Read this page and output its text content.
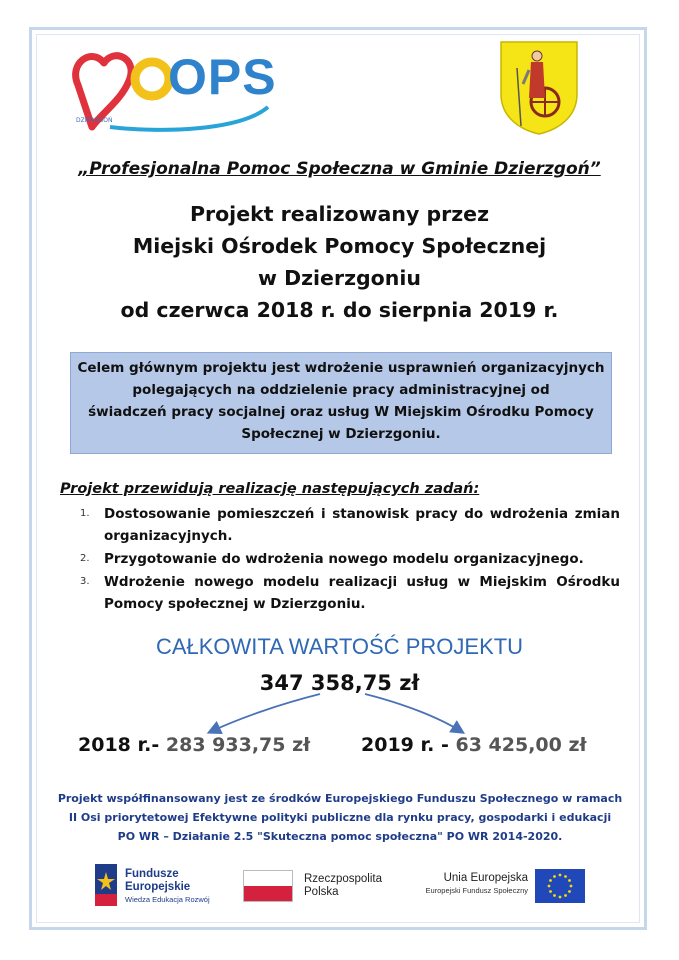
OPS
DZIERZGOŃ
„Profesjonalna Pomoc Społeczna w Gminie Dzierzgoń”
Projekt realizowany przez
Miejski Ośrodek Pomocy Społecznej
w Dzierzgoniu
od czerwca 2018 r. do sierpnia 2019 r.
Celem głównym projektu jest wdrożenie usprawnień organizacyjnych
polegających na oddzielenie pracy administracyjnej od
świadczeń pracy socjalnej oraz usług W Miejskim Ośrodku Pomocy
Społecznej w Dzierzgoniu.
Projekt przewidują realizację następujących zadań:
1. Dostosowanie pomieszczeń i stanowisk pracy do wdrożenia zmian organizacyjnych.
2. Przygotowanie do wdrożenia nowego modelu organizacyjnego.
3. Wdrożenie nowego modelu realizacji usług w Miejskim Ośrodku Pomocy społecznej w Dzierzgoniu.
CAŁKOWITA WARTOŚĆ PROJEKTU
347 358,75 zł
2018 r.- 283 933,75 zł	2019 r. - 63 425,00 zł
Projekt współfinansowany jest ze środków Europejskiego Funduszu Społecznego w ramach
II Osi priorytetowej Efektywne polityki publiczne dla rynku pracy, gospodarki i edukacji
PO WR – Działanie 2.5 "Skuteczna pomoc społeczna" PO WR 2014-2020.
Fundusze
Europejskie
Wiedza Edukacja Rozwój
Rzeczpospolita
Polska
Unia Europejska
Europejski Fundusz Społeczny
